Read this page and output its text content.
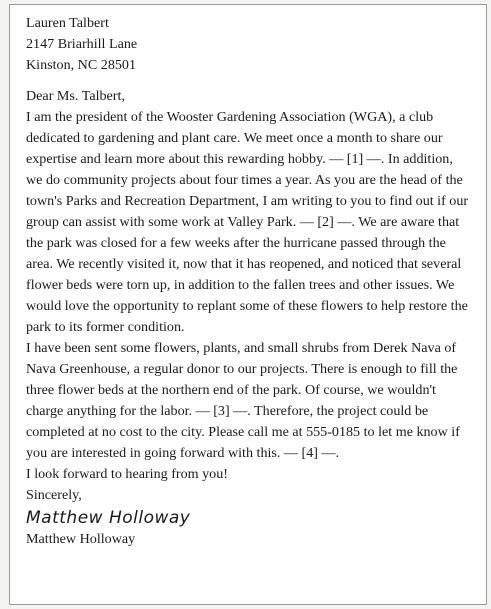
Lauren Talbert

2147 Briarhill Lane

Kinston, NC 28501

Dear Ms. Talbert,

I am the president of the Wooster Gardening Association (WGA), a club dedicated to gardening and plant care. We meet once a month to share our expertise and learn more about this rewarding hobby. — [1] —. In addition, we do community projects about four times a year. As you are the head of the town's Parks and Recreation Department, I am writing to you to find out if our group can assist with some work at Valley Park. — [2] —. We are aware that the park was closed for a few weeks after the hurricane passed through the area. We recently visited it, now that it has reopened, and noticed that several flower beds were torn up, in addition to the fallen trees and other issues. We would love the opportunity to replant some of these flowers to help restore the park to its former condition.

I have been sent some flowers, plants, and small shrubs from Derek Nava of Nava Greenhouse, a regular donor to our projects. There is enough to fill the three flower beds at the northern end of the park. Of course, we wouldn't charge anything for the labor. — [3] —. Therefore, the project could be completed at no cost to the city. Please call me at 555-0185 to let me know if you are interested in going forward with this. — [4] —.

I look forward to hearing from you!

Sincerely,

Matthew Holloway

Matthew Holloway
